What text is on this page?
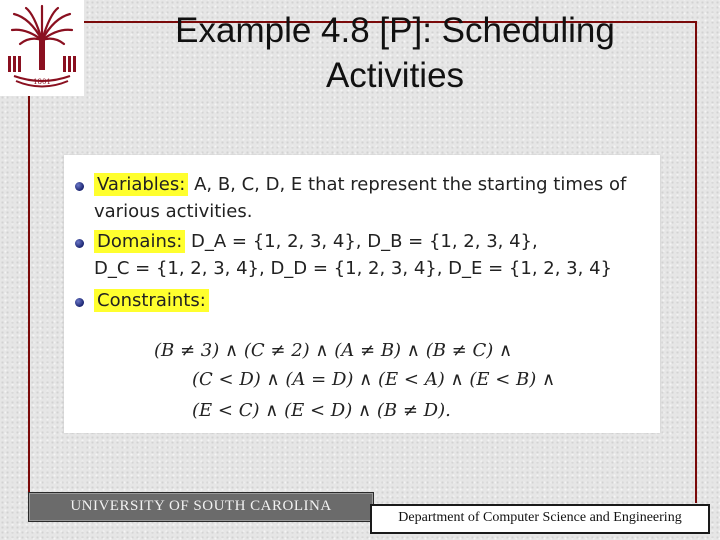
1801
Example 4.8 [P]: Scheduling
Activities
Variables: A, B, C, D, E that represent the starting times of
various activities.
Domains: D_A = {1, 2, 3, 4}, D_B = {1, 2, 3, 4},
D_C = {1, 2, 3, 4}, D_D = {1, 2, 3, 4}, D_E = {1, 2, 3, 4}
Constraints:
(B ≠ 3) ∧ (C ≠ 2) ∧ (A ≠ B) ∧ (B ≠ C) ∧
(C < D) ∧ (A = D) ∧ (E < A) ∧ (E < B) ∧
(E < C) ∧ (E < D) ∧ (B ≠ D).
UNIVERSITY OF SOUTH CAROLINA
Department of Computer Science and Engineering
